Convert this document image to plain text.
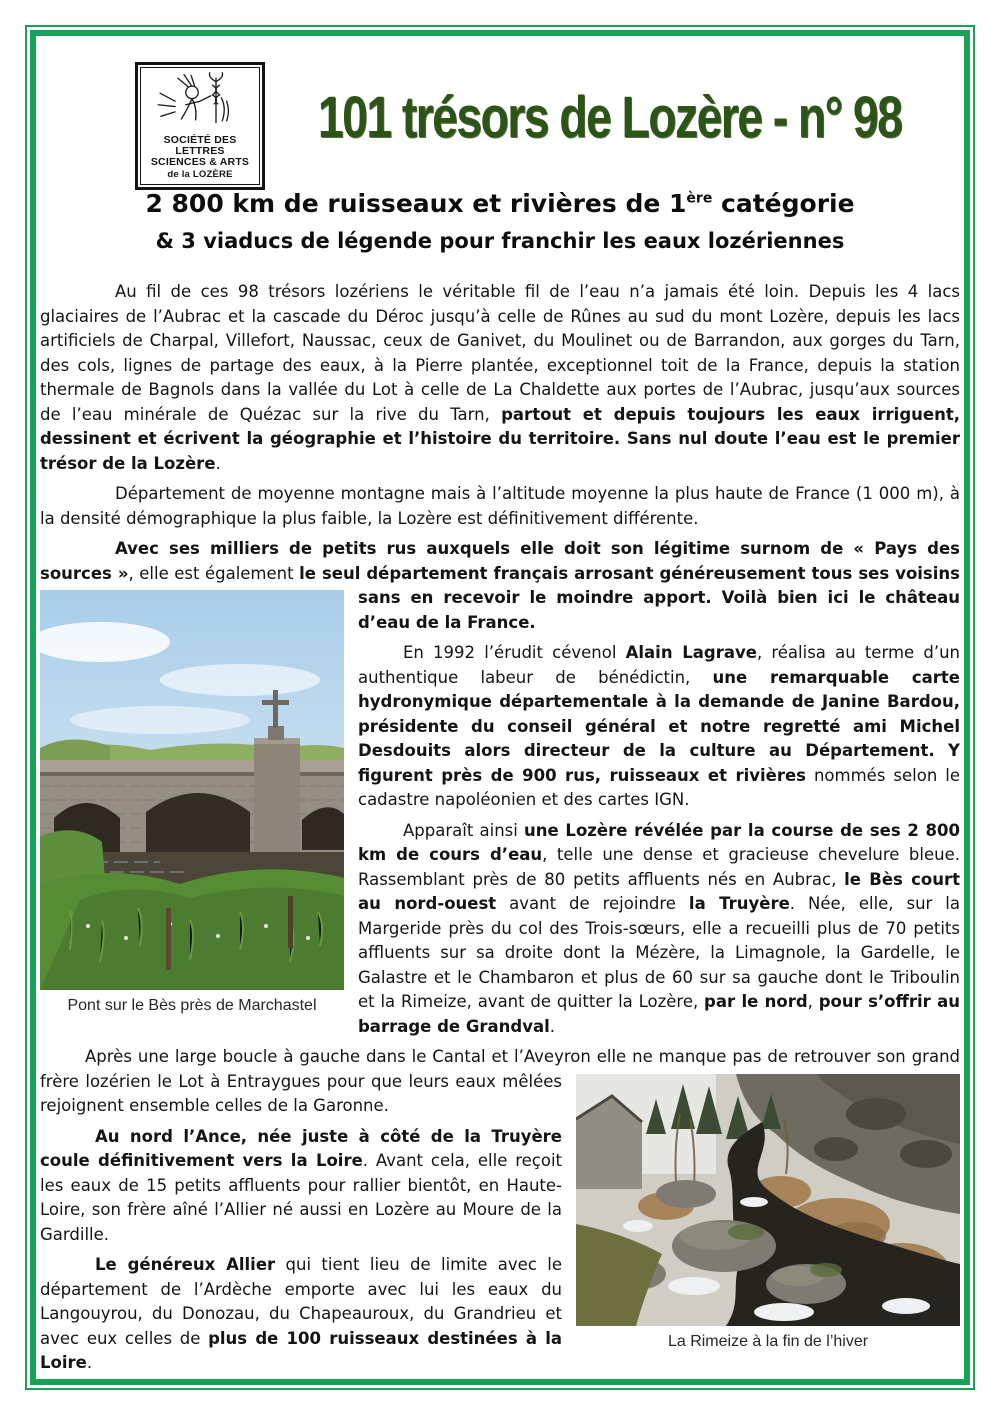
SOCIÉTÉ DES LETTRES
SCIENCES & ARTS
de la LOZÈRE
101 trésors de Lozère - n° 98
2 800 km de ruisseaux et rivières de 1ère catégorie
& 3 viaducs de légende pour franchir les eaux lozériennes

Au fil de ces 98 trésors lozériens le véritable fil de l’eau n’a jamais été loin. Depuis les 4 lacs glaciaires de l’Aubrac et la cascade du Déroc jusqu’à celle de Rûnes au sud du mont Lozère, depuis les lacs artificiels de Charpal, Villefort, Naussac, ceux de Ganivet, du Moulinet ou de Barrandon, aux gorges du Tarn, des cols, lignes de partage des eaux, à la Pierre plantée, exceptionnel toit de la France, depuis la station thermale de Bagnols dans la vallée du Lot à celle de La Chaldette aux portes de l’Aubrac, jusqu’aux sources de l’eau minérale de Quézac sur la rive du Tarn, partout et depuis toujours les eaux irriguent, dessinent et écrivent la géographie et l’histoire du territoire. Sans nul doute l’eau est le premier trésor de la Lozère.

Département de moyenne montagne mais à l’altitude moyenne la plus haute de France (1 000 m), à la densité démographique la plus faible, la Lozère est définitivement différente.

Avec ses milliers de petits rus auxquels elle doit son légitime surnom de « Pays des sources », elle est également le seul département français arrosant généreusement tous ses
Pont sur le Bès près de Marchastel
voisins sans en recevoir le moindre apport. Voilà bien ici le château d’eau de la France.

En 1992 l’érudit cévenol Alain Lagrave, réalisa au terme d’un authentique labeur de bénédictin, une remarquable carte hydronymique départementale à la demande de Janine Bardou, présidente du conseil général et notre regretté ami Michel Desdouits alors directeur de la culture au Département. Y figurent près de 900 rus, ruisseaux et rivières nommés selon le cadastre napoléonien et des cartes IGN.

Apparaît ainsi une Lozère révélée par la course de ses 2 800 km de cours d’eau, telle une dense et gracieuse chevelure bleue. Rassemblant près de 80 petits affluents nés en Aubrac, le Bès court au nord-ouest avant de rejoindre la Truyère. Née, elle, sur la Margeride près du col des Trois-sœurs, elle a recueilli plus de 70 petits affluents sur sa droite dont la Mézère, la Limagnole, la Gardelle, le Galastre et le Chambaron et plus de 60 sur sa gauche dont le Triboulin et la Rimeize, avant de quitter la Lozère, par le nord, pour s’offrir au barrage de Grandval.

Après une large boucle à gauche dans le Cantal et l’Aveyron elle ne manque pas de retrouver son grand frère
La Rimeize à la fin de l’hiver
lozérien le Lot à Entraygues pour que leurs eaux mêlées rejoignent ensemble celles de la Garonne.

Au nord l’Ance, née juste à côté de la Truyère coule définitivement vers la Loire. Avant cela, elle reçoit les eaux de 15 petits affluents pour rallier bientôt, en Haute-Loire, son frère aîné l’Allier né aussi en Lozère au Moure de la Gardille.

Le généreux Allier qui tient lieu de limite avec le département de l’Ardèche emporte avec lui les eaux du Langouyrou, du Donozau, du Chapeauroux, du Grandrieu et avec eux celles de plus de 100 ruisseaux destinées à la Loire.
